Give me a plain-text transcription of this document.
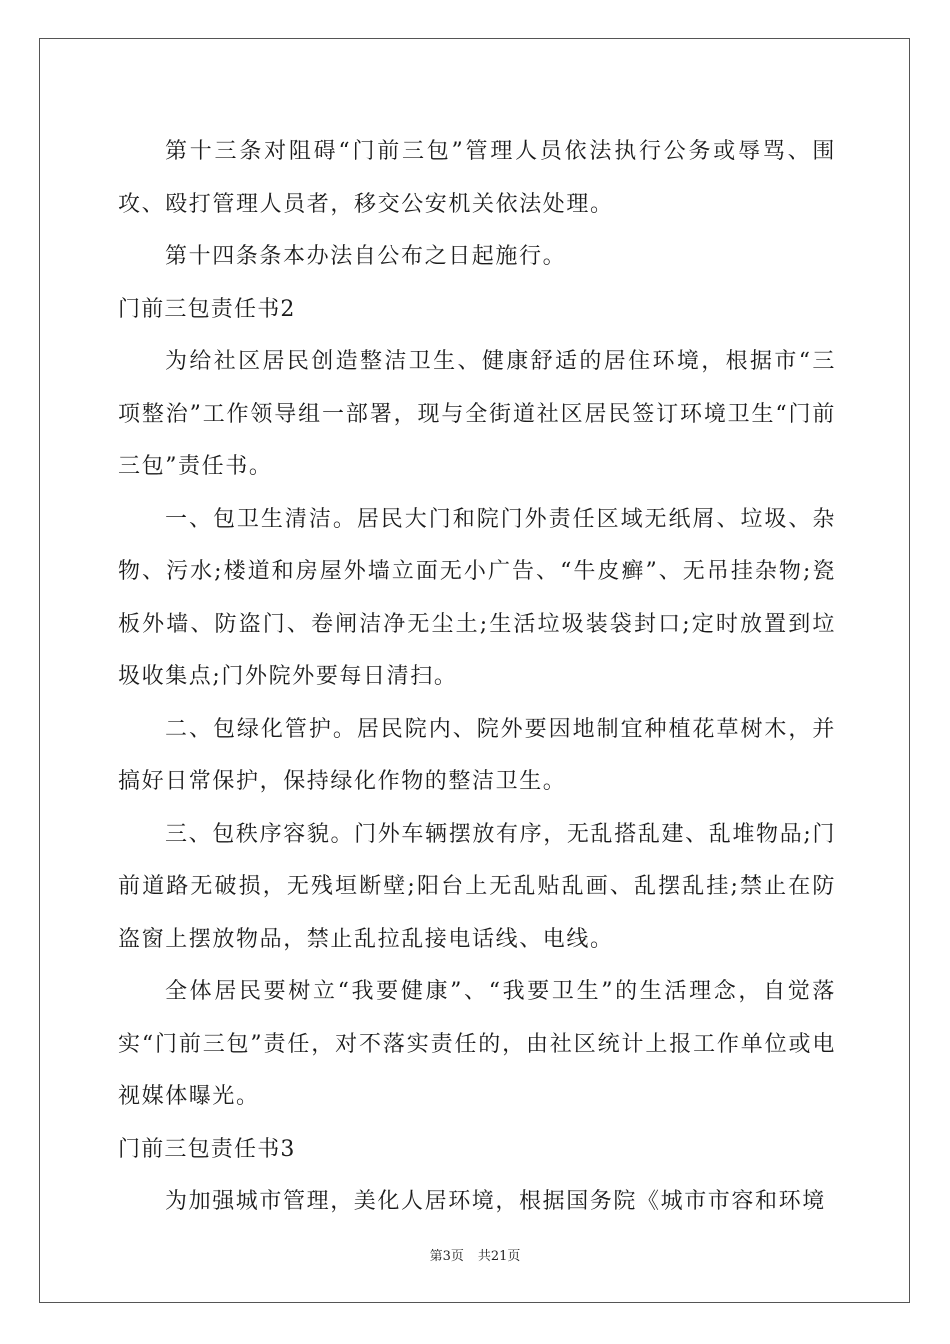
第十三条对阻碍“门前三包”管理人员依法执行公务或辱骂、围攻、殴打管理人员者，移交公安机关依法处理。

第十四条条本办法自公布之日起施行。

门前三包责任书2

为给社区居民创造整洁卫生、健康舒适的居住环境，根据市“三项整治”工作领导组一部署，现与全街道社区居民签订环境卫生“门前三包”责任书。

一、包卫生清洁。居民大门和院门外责任区域无纸屑、垃圾、杂物、污水;楼道和房屋外墙立面无小广告、“牛皮癣”、无吊挂杂物;瓷板外墙、防盗门、卷闸洁净无尘土;生活垃圾装袋封口;定时放置到垃圾收集点;门外院外要每日清扫。

二、包绿化管护。居民院内、院外要因地制宜种植花草树木，并搞好日常保护，保持绿化作物的整洁卫生。

三、包秩序容貌。门外车辆摆放有序，无乱搭乱建、乱堆物品;门前道路无破损，无残垣断壁;阳台上无乱贴乱画、乱摆乱挂;禁止在防盗窗上摆放物品，禁止乱拉乱接电话线、电线。

全体居民要树立“我要健康”、“我要卫生”的生活理念，自觉落实“门前三包”责任，对不落实责任的，由社区统计上报工作单位或电视媒体曝光。

门前三包责任书3

为加强城市管理，美化人居环境，根据国务院《城市市容和环境

第3页 共21页
